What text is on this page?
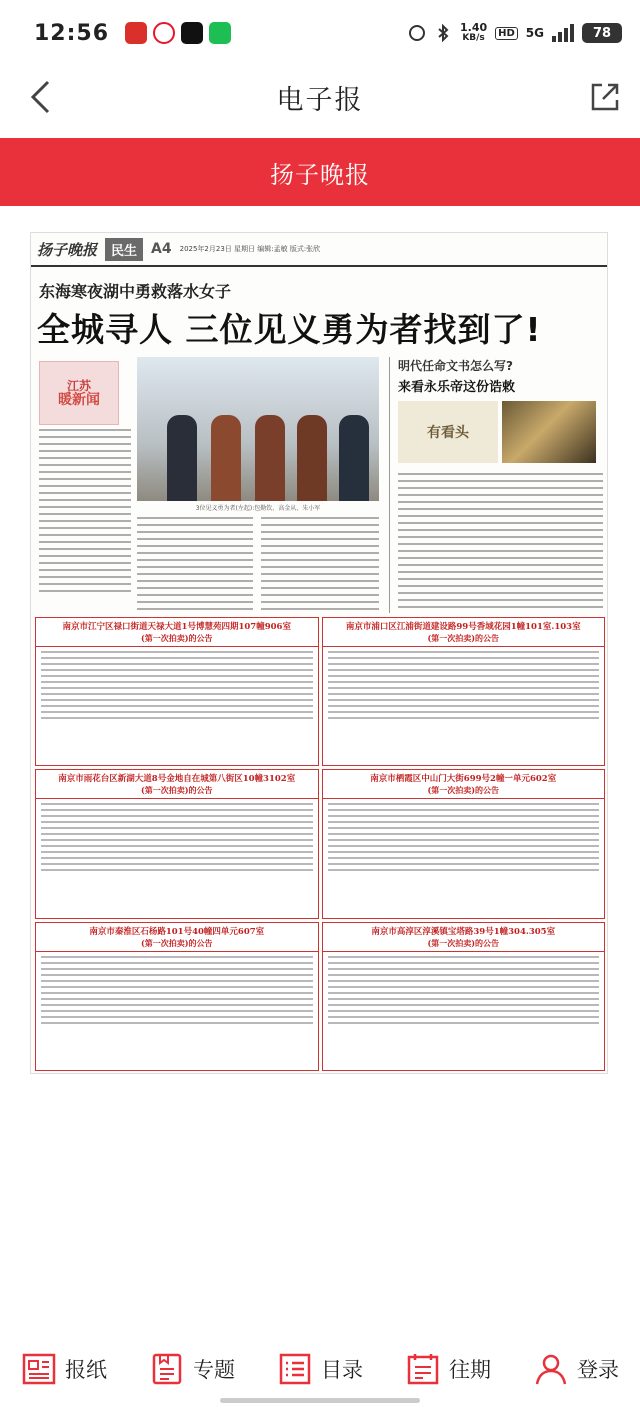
12:56	1.40
KB/s	HD 5G	78
电子报
扬子晚报
扬子晚报	民生	A4 2025年2月23日 星期日 编辑:孟敏 版式:张欣
东海寒夜湖中勇救落水女子
全城寻人 三位见义勇为者找到了!
江苏
暖新闻
3位见义勇为者(左起):包勤钦、高金从、朱小军
明代任命文书怎么写?
来看永乐帝这份诰敕
有看头
南京市江宁区禄口街道天禄大道1号博慧苑四期107幢906室
(第一次拍卖)的公告
南京市浦口区江浦街道建设路99号香域花园1幢101室.103室
(第一次拍卖)的公告
南京市雨花台区新湖大道8号金地自在城第八街区10幢3102室
(第一次拍卖)的公告
南京市栖霞区中山门大街699号2幢一单元602室
(第一次拍卖)的公告
南京市秦淮区石杨路101号40幢四单元607室
(第一次拍卖)的公告
南京市高淳区淳溪镇宝塔路39号1幢304.305室
(第一次拍卖)的公告
报纸	专题	目录	往期	登录
